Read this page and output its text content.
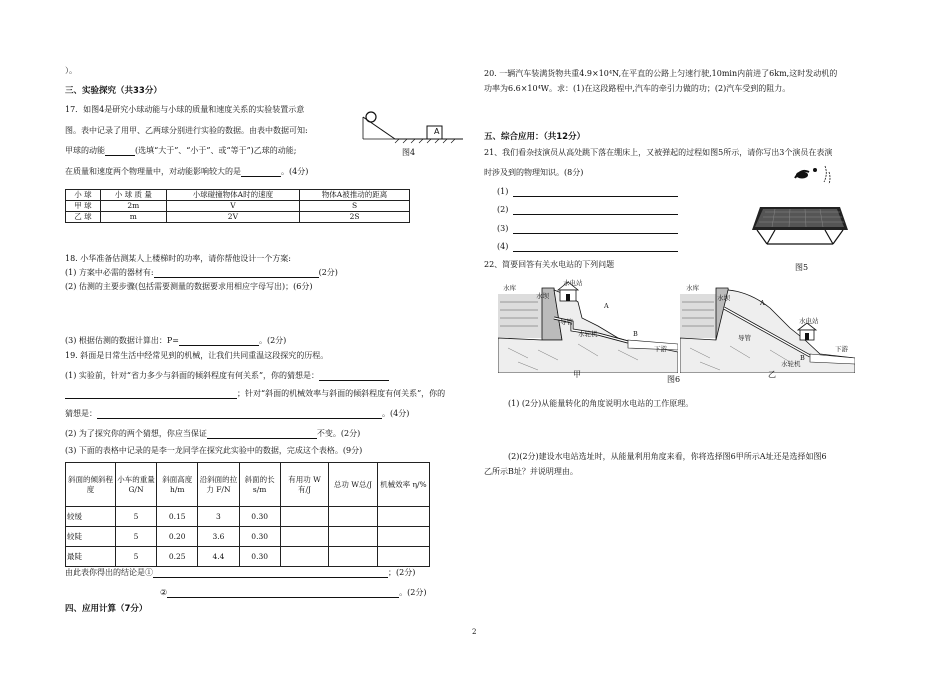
）。
三、实验探究（共33分）
17．如图4是研究小球动能与小球的质量和速度关系的实验装置示意
图。表中记录了用甲、乙两球分别进行实验的数据。由表中数据可知:
甲球的动能	(选填“大于”、“小于”、或“等于”)乙球的动能;
在质量和速度两个物理量中，对动能影响较大的是	。(4分)
A
图4
小 球	小 球 质 量	小球碰撞物体A时的速度	物体A被推动的距离
甲 球	2m	V	S
乙 球	m	2V	2S
18. 小华准备估测某人上楼梯时的功率，请你帮他设计一个方案:
(1) 方案中必需的器材有:	(2分)
(2) 估测的主要步骤(包括需要测量的数据要求用相应字母写出)；(6分)
(3) 根据估测的数据计算出：P=	。(2分)
19. 斜面是日常生活中经常见到的机械，让我们共同重温这段探究的历程。
(1) 实验前，针对“省力多少与斜面的倾斜程度有何关系”，你的猜想是：
；针对“斜面的机械效率与斜面的倾斜程度有何关系”，你的
猜想是：	。(4分)
(2) 为了探究你的两个猜想，你应当保证	不变。(2分)
(3) 下面的表格中记录的是李一龙同学在探究此实验中的数据，完成这个表格。(9分)
斜面的倾斜程度	小车的重量 G/N	斜面高度 h/m	沿斜面的拉力 F/N	斜面的长 s/m	有用功 W有/J	总功 W总/J	机械效率 η/%
较缓	5	0.15	3	0.30			
较陡	5	0.20	3.6	0.30			
最陡	5	0.25	4.4	0.30			
由此表你得出的结论是①	；(2分)
②	。(2分)
四、应用计算（7分）
20. 一辆汽车装满货物共重4.9×10⁴N,在平直的公路上匀速行驶,10min内前进了6km,这时发动机的
功率为6.6×10⁴W。求：(1)在这段路程中,汽车的牵引力做的功；(2)汽车受到的阻力。
五、综合应用：（共12分）
21、我们看杂技演员从高处跳下落在绷床上，又被弹起的过程如图5所示，请你写出3个演员在表演
时涉及到的物理知识。(8分)
(1)
(2)
(3)
(4)
图5
22、简要回答有关水电站的下列问题
水库
水坝
水电站
导管
水轮机
A
B
下游
甲
水库
水坝
A
导管
水电站
B
水轮机
下游
乙
图6
(1) (2分)从能量转化的角度说明水电站的工作原理。
(2)(2分)建设水电站选址时，从能量利用角度来看，你将选择图6甲所示A址还是选择如图6
乙所示B址？并说明理由。
2
